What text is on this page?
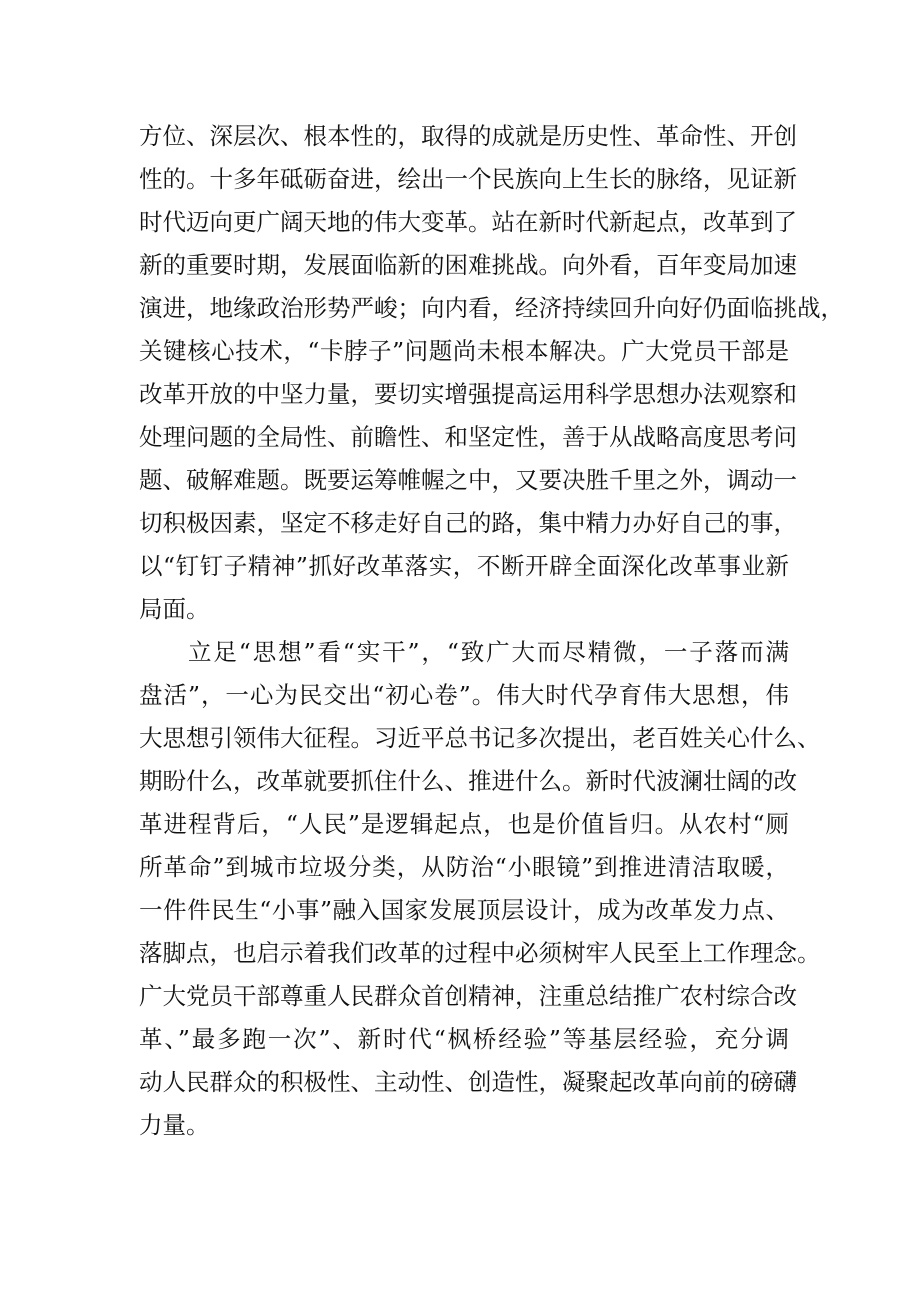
方位、深层次、根本性的，取得的成就是历史性、革命性、开创
性的。十多年砥砺奋进，绘出一个民族向上生长的脉络，见证新
时代迈向更广阔天地的伟大变革。站在新时代新起点，改革到了
新的重要时期，发展面临新的困难挑战。向外看，百年变局加速
演进，地缘政治形势严峻；向内看，经济持续回升向好仍面临挑战，
关键核心技术，“卡脖子”问题尚未根本解决。广大党员干部是
改革开放的中坚力量，要切实增强提高运用科学思想办法观察和
处理问题的全局性、前瞻性、和坚定性，善于从战略高度思考问
题、破解难题。既要运筹帷幄之中，又要决胜千里之外，调动一
切积极因素，坚定不移走好自己的路，集中精力办好自己的事，
以“钉钉子精神”抓好改革落实，不断开辟全面深化改革事业新
局面。
立足“思想”看“实干”，“致广大而尽精微，一子落而满
盘活”，一心为民交出“初心卷”。伟大时代孕育伟大思想，伟
大思想引领伟大征程。习近平总书记多次提出，老百姓关心什么、
期盼什么，改革就要抓住什么、推进什么。新时代波澜壮阔的改
革进程背后，“人民”是逻辑起点，也是价值旨归。从农村“厕
所革命”到城市垃圾分类，从防治“小眼镜”到推进清洁取暖，
一件件民生“小事”融入国家发展顶层设计，成为改革发力点、
落脚点，也启示着我们改革的过程中必须树牢人民至上工作理念。
广大党员干部尊重人民群众首创精神，注重总结推广农村综合改
革、”最多跑一次”、新时代“枫桥经验”等基层经验，充分调
动人民群众的积极性、主动性、创造性，凝聚起改革向前的磅礴
力量。
